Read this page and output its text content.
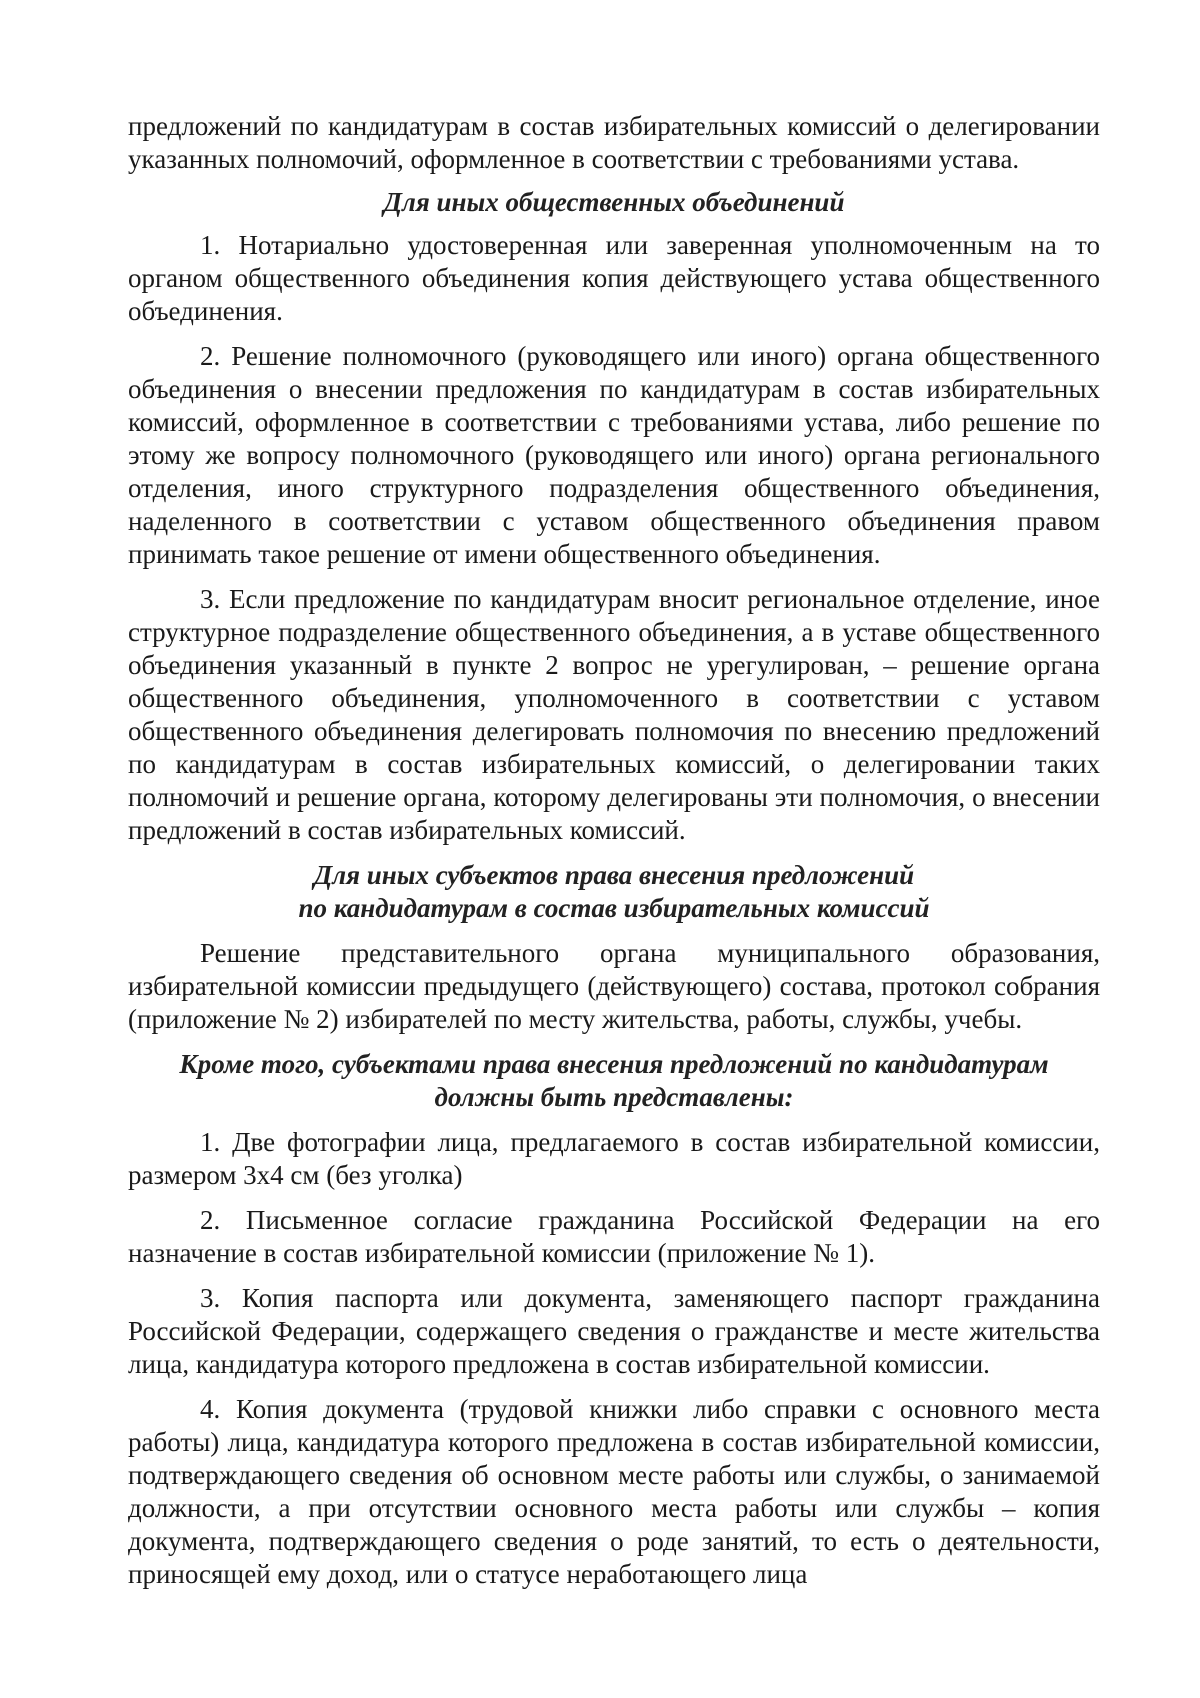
предложений по кандидатурам в состав избирательных комиссий о делегировании указанных полномочий, оформленное в соответствии с требованиями устава.

Для иных общественных объединений

1. Нотариально удостоверенная или заверенная уполномоченным на то органом общественного объединения копия действующего устава общественного объединения.

2. Решение полномочного (руководящего или иного) органа общественного объединения о внесении предложения по кандидатурам в состав избирательных комиссий, оформленное в соответствии с требованиями устава, либо решение по этому же вопросу полномочного (руководящего или иного) органа регионального отделения, иного структурного подразделения общественного объединения, наделенного в соответствии с уставом общественного объединения правом принимать такое решение от имени общественного объединения.

3. Если предложение по кандидатурам вносит региональное отделение, иное структурное подразделение общественного объединения, а в уставе общественного объединения указанный в пункте 2 вопрос не урегулирован, – решение органа общественного объединения, уполномоченного в соответствии с уставом общественного объединения делегировать полномочия по внесению предложений по кандидатурам в состав избирательных комиссий, о делегировании таких полномочий и решение органа, которому делегированы эти полномочия, о внесении предложений в состав избирательных комиссий.

Для иных субъектов права внесения предложений
по кандидатурам в состав избирательных комиссий

Решение представительного органа муниципального образования, избирательной комиссии предыдущего (действующего) состава, протокол собрания (приложение № 2) избирателей по месту жительства, работы, службы, учебы.

Кроме того, субъектами права внесения предложений по кандидатурам
должны быть представлены:

1. Две фотографии лица, предлагаемого в состав избирательной комиссии, размером 3х4 см (без уголка)

2. Письменное согласие гражданина Российской Федерации на его назначение в состав избирательной комиссии (приложение № 1).

3. Копия паспорта или документа, заменяющего паспорт гражданина Российской Федерации, содержащего сведения о гражданстве и месте жительства лица, кандидатура которого предложена в состав избирательной комиссии.

4. Копия документа (трудовой книжки либо справки с основного места работы) лица, кандидатура которого предложена в состав избирательной комиссии, подтверждающего сведения об основном месте работы или службы, о занимаемой должности, а при отсутствии основного места работы или службы – копия документа, подтверждающего сведения о роде занятий, то есть о деятельности, приносящей ему доход, или о статусе неработающего лица
